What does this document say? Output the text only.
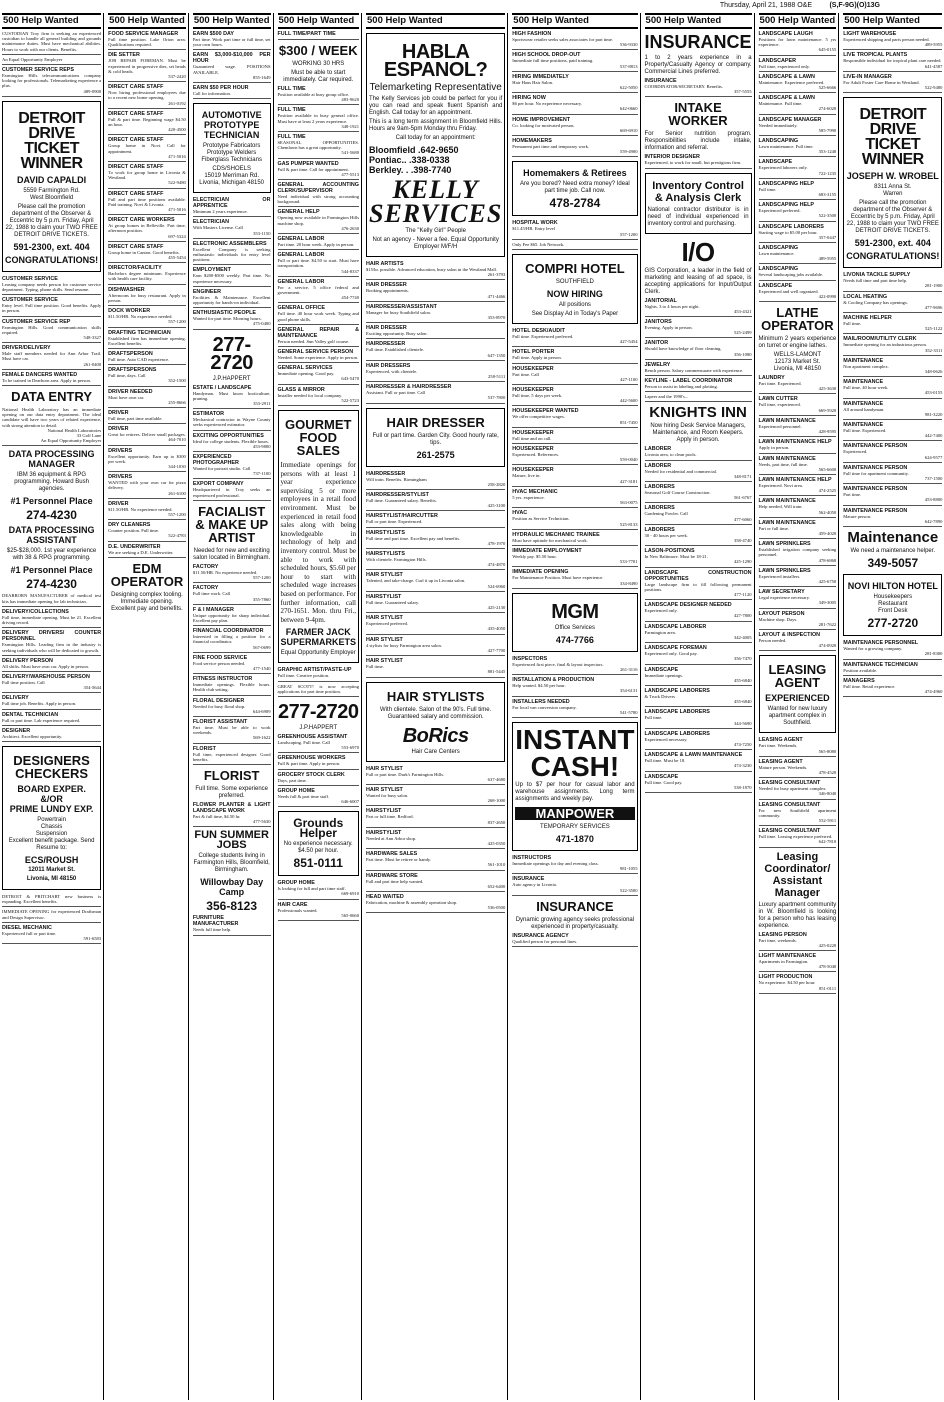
Thursday, April 21, 1988 O&E (S,F-9G)(O)13G
500 Help Wanted
CUSTODIAN Troy firm is seeking an experienced custodian to handle all general building and grounds maintenance duties. Must have mechanical abilities. Hours to work with our clients. Benefits.
An Equal Opportunity Employer
CUSTOMER SERVICE REPS
Farmington Hills telecommunications company looking for professionals. Telemarketing experience a plus.
489-0900
DETROIT
DRIVE
TICKET
WINNER
DAVID CAPALDI
5559 Farmington Rd.
West Bloomfield
Please call the promotion department of the Observer & Eccentric by 5 p.m. Friday, April 22, 1988 to claim your TWO FREE DETROIT DRIVE TICKETS.
591-2300, ext. 404
CONGRATULATIONS!
CUSTOMER SERVICE
Leasing company needs person for customer service department. Typing, phone skills. Send resume.
CUSTOMER SERVICE
Entry level. Full time position. Good benefits. Apply in person.
CUSTOMER SERVICE REP
Farmington Hills. Good communication skills required.
548-3327
DRIVER/DELIVERY
Male staff members needed for Ann Arbor Trail. Must have car.
261-0400
FEMALE DANCERS WANTED
To be trained in Dearborn area. Apply in person.
DATA ENTRY
National Health Laboratory has an immediate opening on our data entry department. The ideal candidate will have two years of related experience, with strong attention to detail.
National Health Laboratories
33 Golf Lane
An Equal Opportunity Employer
DATA PROCESSING MANAGER
IBM 36 equipment & RPG programming. Howard Bush agencies.
#1 Personnel Place
274-4230
DATA PROCESSING ASSISTANT
$25-$28,000. 1st year experience with 38 & RPG programming.
#1 Personnel Place
274-4230
DEARBORN MANUFACTURER of medical test kits has immediate opening for lab technician.
DELIVERY/COLLECTIONS
Full time, immediate opening. Must be 21. Excellent driving record.
DELIVERY DRIVERS/ COUNTER PERSONNEL
Farmington Hills. Leading firm in the industry is seeking individuals who will be dedicated to growth.
DELIVERY PERSON
All shifts. Must have own car. Apply in person.
DELIVERY/WAREHOUSE PERSON
Full time position. Call
354-5644
DELIVERY
Full time job. Benefits. Apply in person.
DENTAL TECHNICIAN
Full or part time. Lab experience required.
DESIGNER
Architect. Excellent opportunity.
DESIGNERS
CHECKERS
BOARD EXPER.
&/OR
PRIME LUNDY EXP.
Powertrain
Chassis
Suspension
Excellent benefit package. Send Resume to:
ECS/ROUSH
12011 Market St.
Livonia, MI 48150
DETROIT & PRITCHART new business is expanding. Excellent benefits.
IMMEDIATE OPENING for experienced Draftsman and Design Supervisor.
DIESEL MECHANIC
Experienced full or part time.
591-6583
500 Help Wanted
FOOD SERVICE MANAGER
Full time position. Lake Orion area. Qualifications required.
DIE SETTER
JOB REPAIR FOREMAN. Must be experienced in progressive dies, set heads & cold heads.
537-2420
DIRECT CARE STAFF
Now hiring professional employees due to a recent new home opening.
261-0192
DIRECT CARE STAFF
Full & part time. Beginning wage $4.50 an hour.
420-4500
DIRECT CARE STAFF
Group home in Novi. Call for appointment.
471-5016
DIRECT CARE STAFF
To work for group home in Livonia & Westland.
522-9480
DIRECT CARE STAFF
Full and part time positions available. Paid training. Novi & Livonia.
471-5016
DIRECT CARE WORKERS
At group homes in Belleville. Part time, afternoon position.
697-5324
DIRECT CARE STAFF
Group home in Canton. Good benefits.
455-5454
DIRECTOR/FACILITY
Bachelors degree minimum. Experience with health care facility.
DISHWASHER
Afternoons for busy restaurant. Apply in person.
DOCK WORKER
$11.50/HR. No experience needed.
557-1200
DRAFTING TECHNICIAN
Established firm has immediate opening. Excellent benefits.
DRAFTSPERSON
Full time. Auto CAD experience.
DRAFTSPERSONS
Full time, days. Call
352-1500
DRIVER NEEDED
Must have own car.
255-8666
DRIVER
Full time, part time available.
DRIVER
Great for retirees. Deliver small packages.
464-7010
DRIVERS
Excellent opportunity. Earn up to $300 per week.
344-1030
DRIVERS
WANTED with your own car for pizza delivery.
261-6100
DRIVER
$11.50/HR. No experience needed.
557-1200
DRY CLEANERS
Counter position. Full time.
522-4783
D.E. UNDERWRITER
We are seeking a D.E. Underwriter.
EDM OPERATOR
Designing complex tooling. Immediate opening. Excellent pay and benefits.
500 Help Wanted
EARN $500 DAY
Part time. Work part time or full time, set your own hours.
EARN $3,000-$10,000 PER HOUR
Guaranteed wage. POSITIONS AVAILABLE.
855-1649
EARN $50 PER HOUR
Call for information.
AUTOMOTIVE PROTOTYPE TECHNICIAN
Prototype Fabricators
Prototype Welders
Fiberglass Technicians
CDS/SHOELS
15019 Merriman Rd.
Livonia, Michigan 48150
ELECTRICIAN OR APPRENTICE
Minimum 2 years experience.
ELECTRICIAN
With Masters License. Call
353-1150
ELECTRONIC ASSEMBLERS
Excellent Company is seeking enthusiastic individuals for entry level positions.
EMPLOYMENT
Earn $200-$500 weekly. Part time. No experience necessary.
ENGINEER
Facilities & Maintenance. Excellent opportunity for hands-on individual.
ENTHUSIASTIC PEOPLE
Wanted for part time. Morning hours.
475-0400
277-2720
J.P.HAPPERT
ESTATE / LANDSCAPE
Handyman. Must know horticulture, pruning.
353-2911
ESTIMATOR
Mechanical contractor in Wayne County seeks experienced estimator.
EXCITING OPPORTUNITIES
Ideal for college students. Flexible hours.
453-9800
EXPERIENCED PHOTOGRAPHER
Wanted for portrait studio. Call
737-1100
EXPORT COMPANY
Headquartered in Troy seeks an experienced professional.
FACIALIST & MAKE UP ARTIST
Needed for new and exciting salon located in Birmingham.
FACTORY
$11.50/HR. No experience needed.
557-1200
FACTORY
Full time work. Call
355-7860
F & I MANAGER
Unique opportunity for sharp individual. Excellent pay plan.
FINANCIAL COORDINATOR
Interested in filling a position for a financial coordinator.
567-0699
FINE FOOD SERVICE
Food service person needed.
477-1540
FITNESS INSTRUCTOR
Immediate openings. Flexible hours. Health club setting.
FLORAL DESIGNER
Needed for busy floral shop.
644-6909
FLORIST ASSISTANT
Part time. Must be able to work weekends.
569-1622
FLORIST
Full time, experienced designer. Good benefits.
FLORIST
Full time. Some experience preferred.
FLOWER PLANTER & LIGHT LANDSCAPE WORK
Part & full time, $4.50 hr.
477-5630
FUN SUMMER JOBS
College students living in Farmington Hills, Bloomfield, Birmingham.
Willowbay Day Camp
356-8123
FURNITURE MANUFACTURER
Needs full time help.
500 Help Wanted
FULL TIME/PART TIME
$300 / WEEK
WORKING 30 HRS
Must be able to start immediately. Car required.
FULL TIME
Position available at busy group office.
483-9620
FULL TIME
Position available in busy general office. Must have at least 2 years experience.
348-1921
FULL TIME
SEASONAL OPPORTUNITIES. Chemlawn has a great opportunity.
541-5680
GAS PUMPER WANTED
Full & part time. Call for appointment.
477-5513
GENERAL ACCOUNTING CLERK/SUPERVISOR
Need individual with strong accounting background.
GENERAL HELP
Opening now available in Farmington Hills machine shop.
476-2630
GENERAL LABOR
Part time. 20 hour week. Apply in person.
GENERAL LABOR
Full or part time. $4.50 to start. Must have transportation.
544-8337
GENERAL LABOR
For a service, 5 office federal and government.
454-7740
GENERAL OFFICE
Full time. 40 hour work week. Typing and good phone skills.
GENERAL REPAIR & MAINTENANCE
Person needed. Sun Valley golf course.
GENERAL SERVICE PERSON
Needed. Some experience. Apply in person.
GENERAL SERVICES
Immediate opening. Good pay.
643-5470
GLASS & MIRROR
Installer needed for local company.
522-5723
GOURMET FOOD SALES
Immediate openings for persons with at least 1 year experience supervising 5 or more employees in a retail food environment. Must be experienced in retail food sales along with being knowledgeable in technology of help and inventory control. Must be able to work with scheduled hours, $5.60 per hour to start with scheduled wage increases based on performance. For further information, call 270-1651. Mon. thru Fri., between 9-4pm.
FARMER JACK SUPERMARKETS
Equal Opportunity Employer
GRAPHIC ARTIST/PASTE-UP
Full time. Creative position.
GREAT SCOTT! is now accepting applications for part time position.
277-2720
J.P.HAPPERT
GREENHOUSE ASSISTANT
Landscaping. Full time. Call
553-6970
GREENHOUSE WORKERS
Full & part time. Apply in person.
GROCERY STOCK CLERK
Days, part time.
GROUP HOME
Needs full & part time staff.
646-6007
Grounds Helper
No experience necessary. $4.50 per hour.
851-0111
GROUP HOME
Is looking for full and part time staff.
669-6910
HAIR CARE
Professionals wanted.
565-0660
500 Help Wanted
HABLA ESPANOL?
Telemarketing Representative
The Kelly Services job could be perfect for you if you can read and speak fluent Spanish and English. Call today for an appointment.
This is a long term assignment in Bloomfield Hills. Hours are 9am-5pm Monday thru Friday.
Call today for an appointment:
Bloomfield .642-9650
Pontiac.. .338-0338
Berkley. . .398-7740
KELLY SERVICES
The "Kelly Girl" People
Not an agency - Never a fee. Equal Opportunity Employer M/F/H
HAIR ARTISTS
$15/hr. possible. Advanced education, busy salon in the Westland Mall.
261-3793
HAIR DRESSER
Booking appointments.
471-4466
HAIRDRESSER/ASSISTANT
Manager for busy Southfield salon.
353-8970
HAIR DRESSER
Exciting opportunity. Busy salon.
HAIRDRESSER
Full time. Established clientele.
647-1350
HAIR DRESSERS
Experienced, with clientele.
258-5111
HAIRDRESSER & HAIRDRESSER
Assistant. Full or part time. Call
537-7800
HAIR DRESSER
Full or part time. Garden City. Good hourly rate, tips.
261-2575
HAIRDRESSER
Will train. Benefits. Birmingham
258-2820
HAIRDRESSER/STYLIST
Full time. Guaranteed salary. Benefits.
425-3100
HAIRSTYLIST/HAIRCUTTER
Full or part time. Experienced.
HAIRSTYLISTS
Full time and part time. Excellent pay and benefits.
478-1970
HAIRSTYLISTS
With clientele. Farmington Hills.
474-4870
HAIR STYLIST
Talented, and take-charge. Curl it up in Livonia salon.
524-6960
HAIRSTYLIST
Full time. Guaranteed salary.
425-2130
HAIR STYLIST
Experienced preferred.
435-4050
HAIR STYLIST
4 stylists for busy Farmington area salon.
427-7700
HAIR STYLIST
Full time.
881-5445
HAIR STYLISTS
With clientele. Salon of the 90's. Full time. Guaranteed salary and commission.
BoRics
Hair Care Centers
HAIR STYLIST
Full or part time. Durk's Farmington Hills.
637-4680
HAIR STYLIST
Wanted for busy salon.
268-1000
HAIRSTYLIST
Part or full time. Redford.
837-2650
HAIRSTYLIST
Needed at Ann Arbor shop.
425-0350
HARDWARE SALES
Part time. Must be retiree or handy.
561-1010
HARDWARE STORE
Full and part time help wanted.
652-6400
HEAD WAITED
Fabrication, machine & assembly operation shop.
536-0500
500 Help Wanted
HIGH FASHION
Sportswear retailer seeks sales associates for part time.
536-9330
HIGH SCHOOL DROP-OUT
Immediate full time positions, paid training.
537-8813
HIRING IMMEDIATELY
Hair Haus Hair Salon.
622-5050
HIRING NOW
$6 per hour. No experience necessary.
642-0660
HOME IMPROVEMENT
Co. looking for motivated person.
669-6910
HOMEMAKERS
Permanent part time and temporary work.
559-4900
Homemakers & Retirees
Are you bored? Need extra money? Ideal part time job. Call now.
478-2784
HOSPITAL WORK
$11.45/HR. Entry level
557-1200
Only Fee $65. Job Network.
COMPRI HOTEL
SOUTHFIELD
NOW HIRING
All positions
See Display Ad in Today's Paper
HOTEL DESK/AUDIT
Full time. Experienced preferred.
427-5454
HOTEL PORTER
Full time. Apply in person.
HOUSEKEEPER
Part time. Call
427-1100
HOUSEKEEPER
Full time, 5 days per week.
442-5600
HOUSEKEEPER WANTED
We offer competitive wages.
851-7450
HOUSEKEEPER
Full time and on call.
HOUSEKEEPER
Experienced. References.
559-0040
HOUSEKEEPER
Mature, live in.
427-3181
HVAC MECHANIC
5 yrs. experience.
563-0075
HVAC
Position as Service Technician.
525-8133
HYDRAULIC MECHANIC TRAINEE
Must have aptitude for mechanical work.
IMMEDIATE EMPLOYMENT
Weekly pay. $5.50 hour.
533-7701
IMMEDIATE OPENING
For Maintenance Position. Must have experience.
334-8490
MGM
Office Services
474-7766
INSPECTORS
Experienced first piece, final & layout inspectors.
261-3116
INSTALLATION & PRODUCTION
Help wanted. $4.50 per hour.
354-6131
INSTALLERS NEEDED
For local van conversion company.
541-5780
INSTANT CASH!
Up to $7 per hour for casual labor and warehouse assignments. Long term assignments and weekly pay.
MANPOWER
TEMPORARY SERVICES
471-1870
INSTRUCTORS
Immediate openings for day and evening class.
981-1055
INSURANCE
Auto agency in Livonia.
522-3500
INSURANCE
Dynamic growing agency seeks professional experienced in property/casualty.
INSURANCE AGENCY
Qualified person for personal lines.
500 Help Wanted
INSURANCE
1 to 2 years experience in a Property/Casualty Agency or company. Commercial Lines preferred.
INSURANCE
COORDINATOR/SECRETARY. Benefits.
357-5555
INTAKE WORKER
For Senior nutrition program. Responsibilities include intake, information and referral.
INTERIOR DESIGNER
Experienced, to work for small, but prestigious firm.
Inventory Control & Analysis Clerk
National contractor distributor is in need of individual experienced in inventory control and purchasing.
I/O
GIS Corporation, a leader in the field of marketing and leasing of ad space, is accepting applications for Input/Output Clerk.
JANITORIAL
Nights. 3 to 4 hours per night.
453-4321
JANITORS
Evening. Apply in person.
525-2499
JANITOR
Should have knowledge of floor cleaning.
356-1080
JEWELRY
Bench person. Salary commensurate with experience.
KEYLINE - LABEL COORDINATOR
Person to assist in labeling and plotting.
Lapeer and the 1990's...
KNIGHTS INN
Now hiring Desk Service Managers, Maintenance, and Room Keepers. Apply in person.
LABORER
Livonia area, to clean pools.
LABORER
Needed for residential and commercial.
348-8171
LABORERS
Seasonal Golf Course Construction.
561-6767
LABORERS
Gardening Fowler. Call
477-6060
LABORERS
30 - 40 hours per week.
358-4740
LASON-POSITIONS
In New Baltimore. Must be 18-21.
425-1290
LANDSCAPE CONSTRUCTION OPPORTUNITIES
Large landscape firm to fill following permanent positions.
477-1120
LANDSCAPE DESIGNER NEEDED
Experienced only.
427-7800
LANDSCAPE LABORER
Farmington area.
342-4005
LANDSCAPE FOREMAN
Experienced only. Good pay.
356-7470
LANDSCAPE
Immediate openings.
455-6840
LANDSCAPE LABORERS
& Truck Drivers
455-6840
LANDSCAPE LABORERS
Full time.
344-5690
LANDSCAPE LABORERS
Experienced necessary.
474-7250
LANDSCAPE & LAWN MAINTENANCE
Full time. Must be 18.
474-3230
LANDSCAPE
Full time. Good pay.
538-1870
500 Help Wanted
LANDSCAPE LAUGH
Positions for lawn maintenance. 5 yrs experience.
645-0155
LANDSCAPER
Full time, experienced only.
LANDSCAPE & LAWN
Maintenance. Experience preferred.
525-6666
LANDSCAPE & LAWN
Maintenance. Full time.
274-6020
LANDSCAPE MANAGER
Needed immediately.
585-7990
LANDSCAPING
Lawn maintenance. Full time.
353-1240
LANDSCAPE
Experienced laborers only.
722-1235
LANDSCAPING HELP
Full time.
683-3155
LANDSCAPING HELP
Experienced preferred.
522-3500
LANDSCAPE LABORERS
Starting wage to $5.00 per hour.
357-0447
LANDSCAPING
Lawn maintenance.
489-5955
LANDSCAPING
Several landscaping jobs available.
LANDSCAPE
Experienced and well organized.
422-0990
LATHE OPERATOR
Minimum 2 years experience on turret or engine lathes.
WELLS-LAMONT
12173 Market St.
Livonia, MI 48150
LAUNDRY
Part time. Experienced.
425-3630
LAWN CUTTER
Full time, experienced.
669-5920
LAWN MAINTENANCE
Experienced personnel.
428-9595
LAWN MAINTENANCE HELP
Apply in person.
LAWN MAINTENANCE
Needs, part time, full time.
565-6600
LAWN MAINTENANCE HELP
Experienced. Novi area.
474-2525
LAWN MAINTENANCE
Help needed, Will train.
562-4050
LAWN MAINTENANCE
Part or full time.
459-4020
LAWN SPRINKLERS
Established irrigation company seeking personnel.
478-6868
LAWN SPRINKLERS
Experienced installers.
425-6750
LAW SECRETARY
Legal experience necessary.
349-3005
LAYOUT PERSON
Machine shop. Days.
281-7622
LAYOUT & INSPECTION
Person needed.
474-0920
LEASING AGENT
EXPERIENCED
Wanted for new luxury apartment complex in Southfield.
LEASING AGENT
Part time. Weekends.
565-8080
LEASING AGENT
Mature person. Weekends.
478-4520
LEASING CONSULTANT
Needed for busy apartment complex.
346-8040
LEASING CONSULTANT
For new Southfield apartment community.
552-5911
LEASING CONSULTANT
Full time. Leasing experience preferred.
642-7810
Leasing Coordinator/ Assistant Manager
Luxury apartment community in W. Bloomfield is looking for a person who has leasing experience.
LEASING PERSON
Part time, weekends.
425-0220
LIGHT MAINTENANCE
Apartments in Farmington.
478-5040
LIGHT PRODUCTION
No experience. $4.50 per hour.
851-0111
500 Help Wanted
LIGHT WAREHOUSE
Experienced shipping and parts person needed.
489-5955
LIVE TROPICAL PLANTS
Responsible individual for tropical plant care needed.
641-4587
LIVE-IN MANAGER
For Adult Foster Care Home in Westland.
522-9480
DETROIT
DRIVE
TICKET
WINNER
JOSEPH W. WROBEL
8311 Anna St.
Warren
Please call the promotion department of the Observer & Eccentric by 5 p.m. Friday, April 22, 1988 to claim your TWO FREE DETROIT DRIVE TICKETS.
591-2300, ext. 404
CONGRATULATIONS!
LIVONIA TACKLE SUPPLY
Needs full time and part time help.
281-1900
LOCAL HEATING
& Cooling Company has openings.
477-9696
MACHINE HELPER
Full time.
525-1122
MAIL/ROOM/UTILITY CLERK
Immediate opening for an industrious person.
352-3311
MAINTENANCE
Non apartment complex.
348-0626
MAINTENANCE
Full time, 40 hour week.
453-0155
MAINTENANCE
All around handyman.
981-3220
MAINTENANCE
Full time. Experienced.
442-7400
MAINTENANCE PERSON
Experienced.
624-9577
MAINTENANCE PERSON
Full time for apartment community.
737-1500
MAINTENANCE PERSON
Part time.
453-8800
MAINTENANCE PERSON
Mature person.
642-7890
Maintenance
We need a maintenance helper.
349-5057
NOVI HILTON HOTEL
Housekeepers
Restaurant
Front Desk
277-2720
MAINTENANCE PERSONNEL
Wanted for a growing company.
281-8300
MAINTENANCE TECHNICIAN
Position available.
MANAGERS
Full time. Retail experience.
474-4960
